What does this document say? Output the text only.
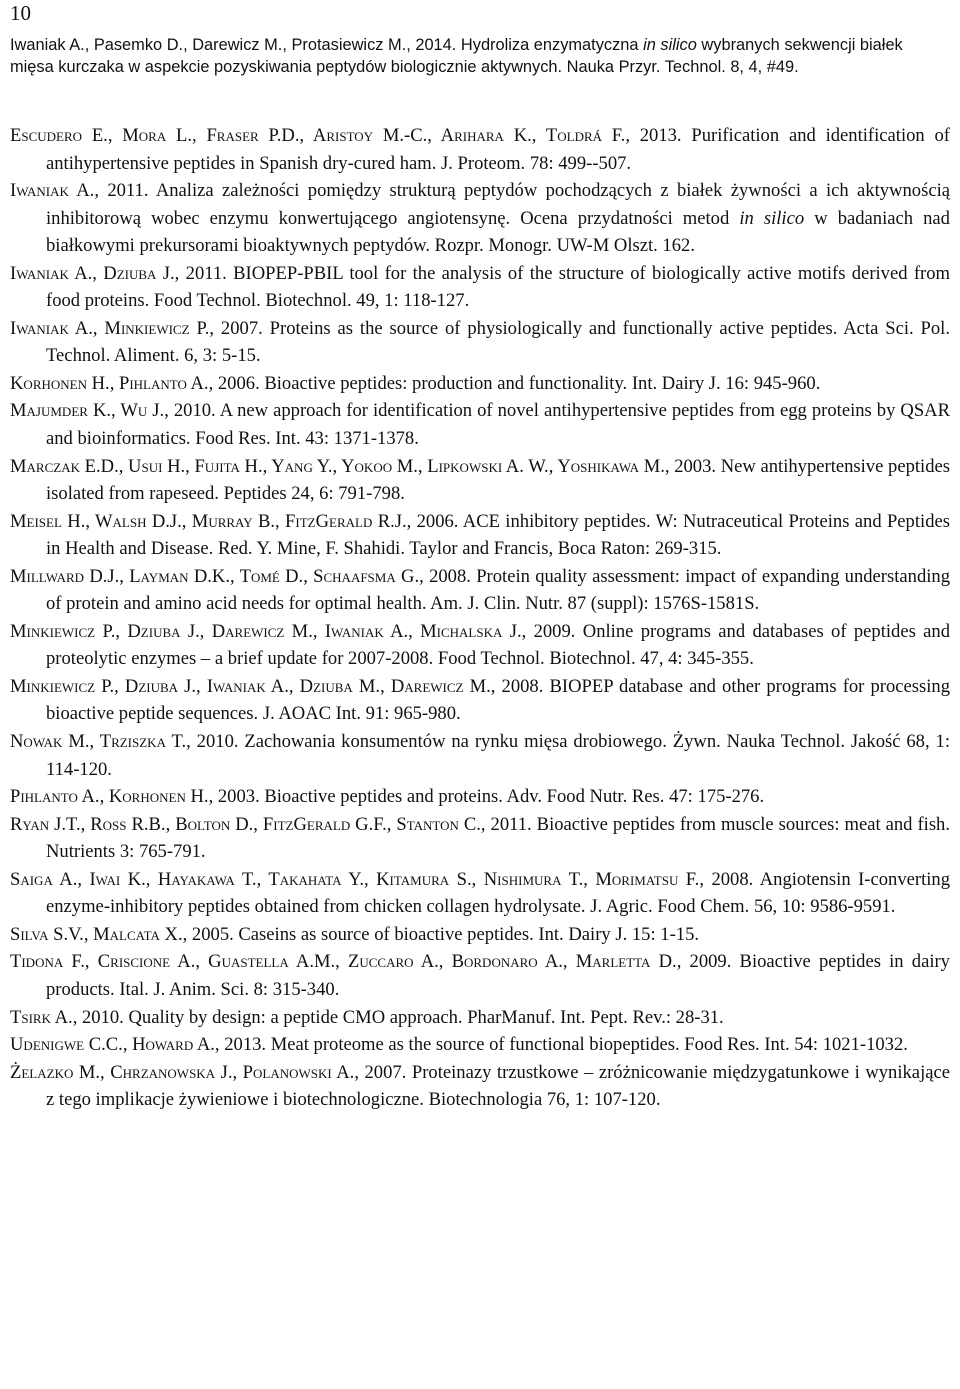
10
Iwaniak A., Pasemko D., Darewicz M., Protasiewicz M., 2014. Hydroliza enzymatyczna in silico wybranych sekwencji białek mięsa kurczaka w aspekcie pozyskiwania peptydów biologicznie aktywnych. Nauka Przyr. Technol. 8, 4, #49.

Escudero E., Mora L., Fraser P.D., Aristoy M.-C., Arihara K., Toldrá F., 2013. Purification and identification of antihypertensive peptides in Spanish dry-cured ham. J. Proteom. 78: 499--507.

Iwaniak A., 2011. Analiza zależności pomiędzy strukturą peptydów pochodzących z białek żywności a ich aktywnością inhibitorową wobec enzymu konwertującego angiotensynę. Ocena przydatności metod in silico w badaniach nad białkowymi prekursorami bioaktywnych peptydów. Rozpr. Monogr. UW-M Olszt. 162.

Iwaniak A., Dziuba J., 2011. BIOPEP-PBIL tool for the analysis of the structure of biologically active motifs derived from food proteins. Food Technol. Biotechnol. 49, 1: 118-127.

Iwaniak A., Minkiewicz P., 2007. Proteins as the source of physiologically and functionally active peptides. Acta Sci. Pol. Technol. Aliment. 6, 3: 5-15.

Korhonen H., Pihlanto A., 2006. Bioactive peptides: production and functionality. Int. Dairy J. 16: 945-960.

Majumder K., Wu J., 2010. A new approach for identification of novel antihypertensive peptides from egg proteins by QSAR and bioinformatics. Food Res. Int. 43: 1371-1378.

Marczak E.D., Usui H., Fujita H., Yang Y., Yokoo M., Lipkowski A. W., Yoshikawa M., 2003. New antihypertensive peptides isolated from rapeseed. Peptides 24, 6: 791-798.

Meisel H., Walsh D.J., Murray B., FitzGerald R.J., 2006. ACE inhibitory peptides. W: Nutraceutical Proteins and Peptides in Health and Disease. Red. Y. Mine, F. Shahidi. Taylor and Francis, Boca Raton: 269-315.

Millward D.J., Layman D.K., Tomé D., Schaafsma G., 2008. Protein quality assessment: impact of expanding understanding of protein and amino acid needs for optimal health. Am. J. Clin. Nutr. 87 (suppl): 1576S-1581S.

Minkiewicz P., Dziuba J., Darewicz M., Iwaniak A., Michalska J., 2009. Online programs and databases of peptides and proteolytic enzymes – a brief update for 2007-2008. Food Technol. Biotechnol. 47, 4: 345-355.

Minkiewicz P., Dziuba J., Iwaniak A., Dziuba M., Darewicz M., 2008. BIOPEP database and other programs for processing bioactive peptide sequences. J. AOAC Int. 91: 965-980.

Nowak M., Trziszka T., 2010. Zachowania konsumentów na rynku mięsa drobiowego. Żywn. Nauka Technol. Jakość 68, 1: 114-120.

Pihlanto A., Korhonen H., 2003. Bioactive peptides and proteins. Adv. Food Nutr. Res. 47: 175-276.

Ryan J.T., Ross R.B., Bolton D., FitzGerald G.F., Stanton C., 2011. Bioactive peptides from muscle sources: meat and fish. Nutrients 3: 765-791.

Saiga A., Iwai K., Hayakawa T., Takahata Y., Kitamura S., Nishimura T., Morimatsu F., 2008. Angiotensin I-converting enzyme-inhibitory peptides obtained from chicken collagen hydrolysate. J. Agric. Food Chem. 56, 10: 9586-9591.

Silva S.V., Malcata X., 2005. Caseins as source of bioactive peptides. Int. Dairy J. 15: 1-15.

Tidona F., Criscione A., Guastella A.M., Zuccaro A., Bordonaro A., Marletta D., 2009. Bioactive peptides in dairy products. Ital. J. Anim. Sci. 8: 315-340.

Tsirk A., 2010. Quality by design: a peptide CMO approach. PharManuf. Int. Pept. Rev.: 28-31.

Udenigwe C.C., Howard A., 2013. Meat proteome as the source of functional biopeptides. Food Res. Int. 54: 1021-1032.

Żelazko M., Chrzanowska J., Polanowski A., 2007. Proteinazy trzustkowe – zróżnicowanie międzygatunkowe i wynikające z tego implikacje żywieniowe i biotechnologiczne. Biotechnologia 76, 1: 107-120.
